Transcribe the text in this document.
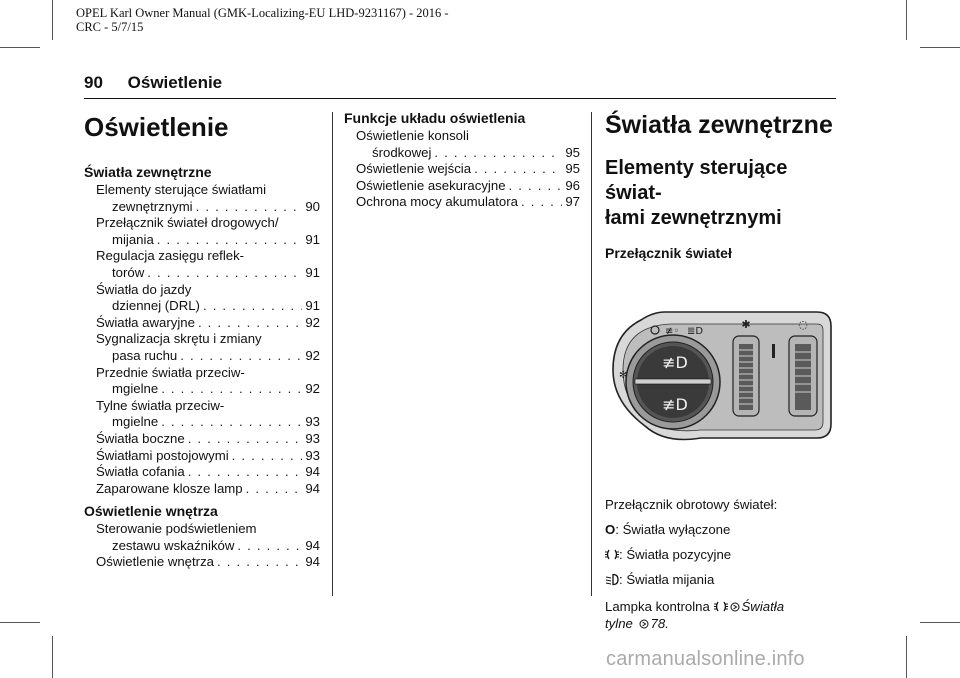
OPEL Karl Owner Manual (GMK-Localizing-EU LHD-9231167) - 2016 -
CRC - 5/7/15
90 Oświetlenie
Oświetlenie
Światła zewnętrzne
Elementy sterujące światłami
zewnętrznymi . . .	90
Przełącznik świateł drogowych/
mijania . . .	91
Regulacja zasięgu reflek-
torów . . .	91
Światła do jazdy
dziennej (DRL) . . .	91
Światła awaryjne . . .	92
Sygnalizacja skrętu i zmiany
pasa ruchu . . .	92
Przednie światła przeciw-
mgielne . . .	92
Tylne światła przeciw-
mgielne . . .	93
Światła boczne . . .	93
Światłami postojowymi . . .	93
Światła cofania . . .	94
Zaparowane klosze lamp . . .	94
Oświetlenie wnętrza
Sterowanie podświetleniem
zestawu wskaźników . . .	94
Oświetlenie wnętrza . . .	94
Funkcje układu oświetlenia
Oświetlenie konsoli
środkowej . . .	95
Oświetlenie wejścia . . .	95
Oświetlenie asekuracyjne . . .	96
Ochrona mocy akumulatora . . .	97
Światła zewnętrzne
Elementy sterujące świat-
łami zewnętrznymi
Przełącznik świateł
≢D
≢D
≢◦ ≣D
✻
✱	◌
Przełącznik obrotowy świateł:
O: Światła wyłączone
: Światła pozycyjne
: Światła mijania
Lampka kontrolna Światła
tylne 78.
carmanualsonline.info
